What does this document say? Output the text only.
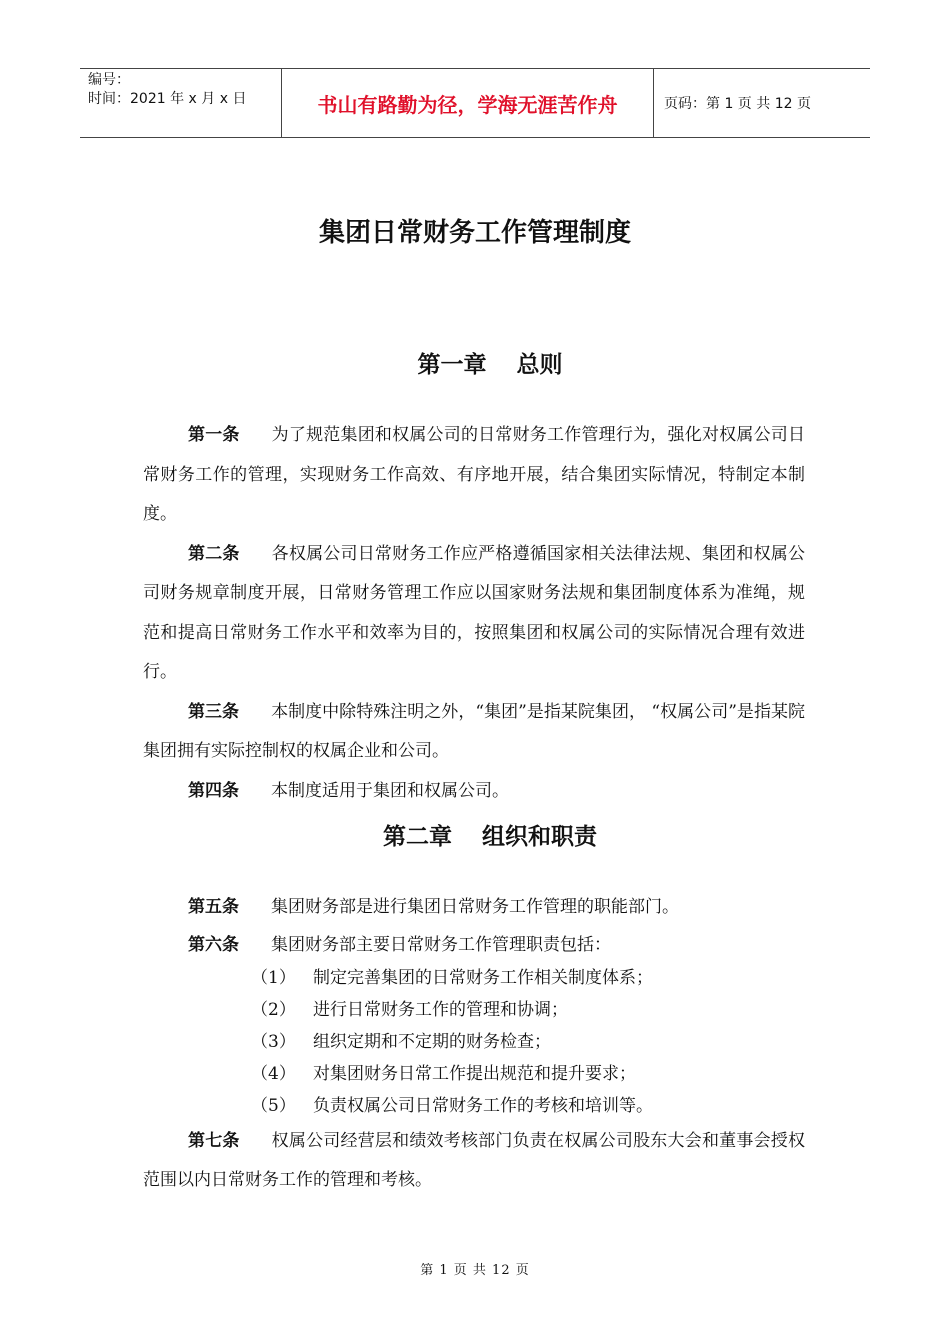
编号：
时间：2021 年 x 月 x 日	书山有路勤为径，学海无涯苦作舟	页码：第 1 页 共 12 页
集团日常财务工作管理制度
第一章 总则

第一条 为了规范集团和权属公司的日常财务工作管理行为，强化对权属公司日常财务工作的管理，实现财务工作高效、有序地开展，结合集团实际情况，特制定本制度。

第二条 各权属公司日常财务工作应严格遵循国家相关法律法规、集团和权属公司财务规章制度开展，日常财务管理工作应以国家财务法规和集团制度体系为准绳，规范和提高日常财务工作水平和效率为目的，按照集团和权属公司的实际情况合理有效进行。

第三条 本制度中除特殊注明之外，“集团”是指某院集团， “权属公司”是指某院集团拥有实际控制权的权属企业和公司。

第四条 本制度适用于集团和权属公司。

第二章 组织和职责

第五条 集团财务部是进行集团日常财务工作管理的职能部门。

第六条 集团财务部主要日常财务工作管理职责包括：

（1） 制定完善集团的日常财务工作相关制度体系；

（2） 进行日常财务工作的管理和协调；

（3） 组织定期和不定期的财务检查；

（4） 对集团财务日常工作提出规范和提升要求；

（5） 负责权属公司日常财务工作的考核和培训等。

第七条 权属公司经营层和绩效考核部门负责在权属公司股东大会和董事会授权范围以内日常财务工作的管理和考核。

第 1 页 共 12 页
